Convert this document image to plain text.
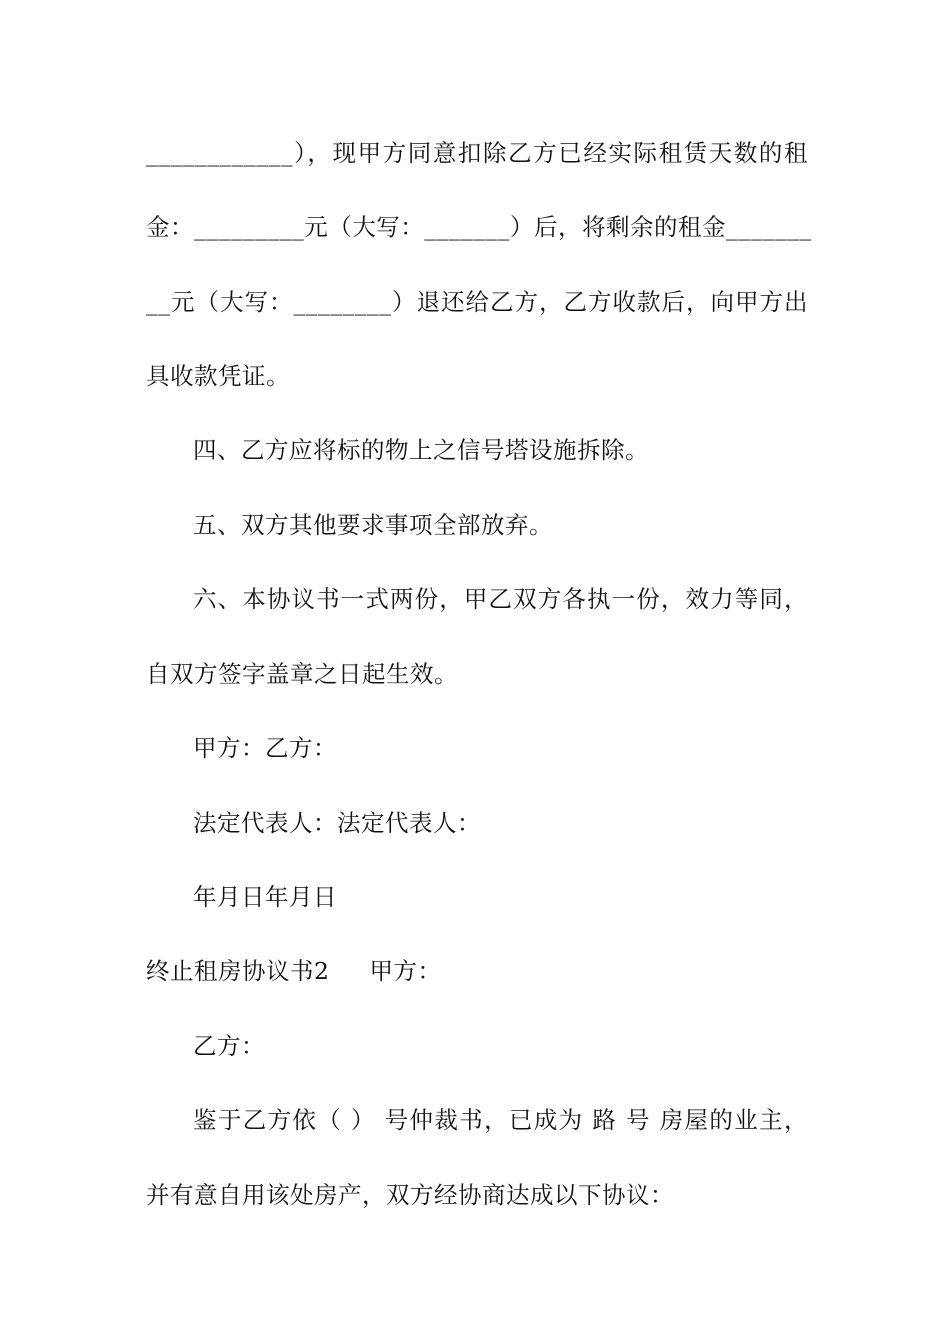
____________），现甲方同意扣除乙方已经实际租赁天数的租
金：_________元（大写：_______）后，将剩余的租金_______
__元（大写：________）退还给乙方，乙方收款后，向甲方出
具收款凭证。
四、乙方应将标的物上之信号塔设施拆除。
五、双方其他要求事项全部放弃。
六、本协议书一式两份，甲乙双方各执一份，效力等同，
自双方签字盖章之日起生效。
甲方：乙方：
法定代表人：法定代表人：
年月日年月日
终止租房协议书2 甲方：
乙方：
鉴于乙方依（ ） 号仲裁书，已成为 路 号 房屋的业主，
并有意自用该处房产，双方经协商达成以下协议：
